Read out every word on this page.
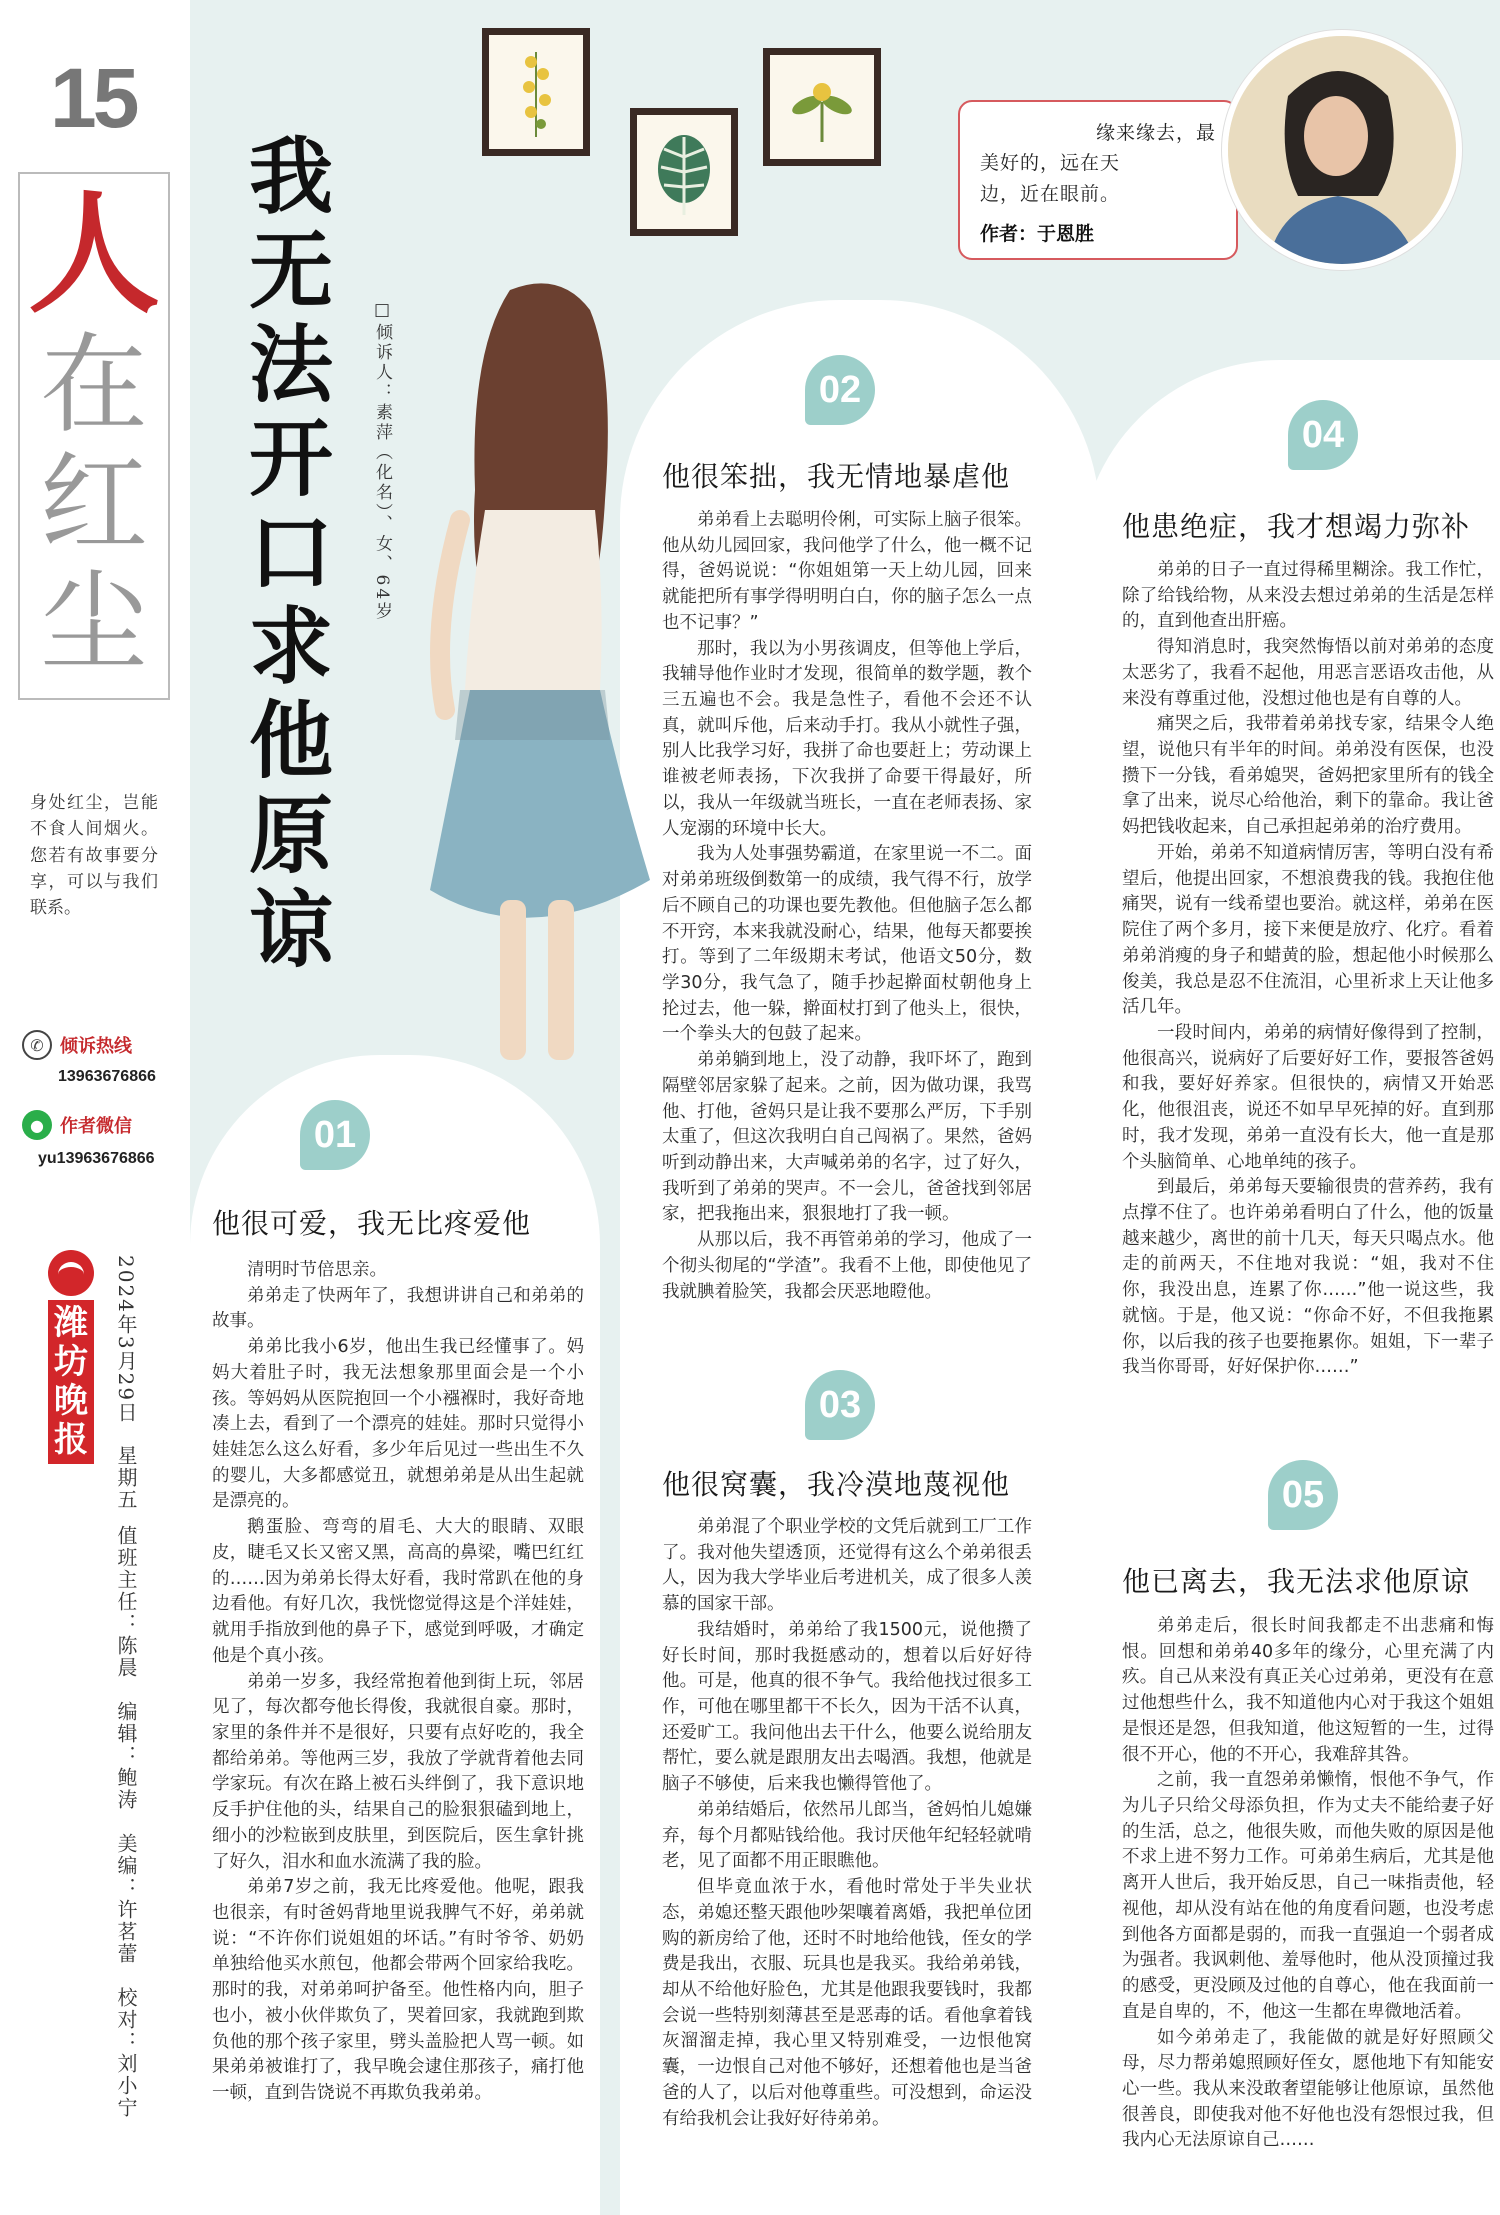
15
人
在
红
尘
身处红尘，岂能不食人间烟火。您若有故事要分享，可以与我们联系。
✆ 倾诉热线
13963676866
● 作者微信
yu13963676866
潍
坊
晚
报
2024年3月29日
星期五
值班主任：陈晨　编辑：鲍涛　美编：许茗蕾　校对：刘小宁
我
无
法
开
口
求
他
原
谅
□倾诉人：素萍（化名）、女、64岁
缘来缘去，最
美好的，远在天
边，近在眼前。
作者：于恩胜
01
他很可爱，我无比疼爱他

清明时节倍思亲。

弟弟走了快两年了，我想讲讲自己和弟弟的故事。

弟弟比我小6岁，他出生我已经懂事了。妈妈大着肚子时，我无法想象那里面会是一个小孩。等妈妈从医院抱回一个小襁褓时，我好奇地凑上去，看到了一个漂亮的娃娃。那时只觉得小娃娃怎么这么好看，多少年后见过一些出生不久的婴儿，大多都感觉丑，就想弟弟是从出生起就是漂亮的。

鹅蛋脸、弯弯的眉毛、大大的眼睛、双眼皮，睫毛又长又密又黑，高高的鼻梁，嘴巴红红的……因为弟弟长得太好看，我时常趴在他的身边看他。有好几次，我恍惚觉得这是个洋娃娃，就用手指放到他的鼻子下，感觉到呼吸，才确定他是个真小孩。

弟弟一岁多，我经常抱着他到街上玩，邻居见了，每次都夸他长得俊，我就很自豪。那时，家里的条件并不是很好，只要有点好吃的，我全都给弟弟。等他两三岁，我放了学就背着他去同学家玩。有次在路上被石头绊倒了，我下意识地反手护住他的头，结果自己的脸狠狠磕到地上，细小的沙粒嵌到皮肤里，到医院后，医生拿针挑了好久，泪水和血水流满了我的脸。

弟弟7岁之前，我无比疼爱他。他呢，跟我也很亲，有时爸妈背地里说我脾气不好，弟弟就说：“不许你们说姐姐的坏话。”有时爷爷、奶奶单独给他买水煎包，他都会带两个回家给我吃。那时的我，对弟弟呵护备至。他性格内向，胆子也小，被小伙伴欺负了，哭着回家，我就跑到欺负他的那个孩子家里，劈头盖脸把人骂一顿。如果弟弟被谁打了，我早晚会逮住那孩子，痛打他一顿，直到告饶说不再欺负我弟弟。

02
他很笨拙，我无情地暴虐他

弟弟看上去聪明伶俐，可实际上脑子很笨。他从幼儿园回家，我问他学了什么，他一概不记得，爸妈说说：“你姐姐第一天上幼儿园，回来就能把所有事学得明明白白，你的脑子怎么一点也不记事？”

那时，我以为小男孩调皮，但等他上学后，我辅导他作业时才发现，很简单的数学题，教个三五遍也不会。我是急性子，看他不会还不认真，就叫斥他，后来动手打。我从小就性子强，别人比我学习好，我拼了命也要赶上；劳动课上谁被老师表扬，下次我拼了命要干得最好，所以，我从一年级就当班长，一直在老师表扬、家人宠溺的环境中长大。

我为人处事强势霸道，在家里说一不二。面对弟弟班级倒数第一的成绩，我气得不行，放学后不顾自己的功课也要先教他。但他脑子怎么都不开窍，本来我就没耐心，结果，他每天都要挨打。等到了二年级期末考试，他语文50分，数学30分，我气急了，随手抄起擀面杖朝他身上抡过去，他一躲，擀面杖打到了他头上，很快，一个拳头大的包鼓了起来。

弟弟躺到地上，没了动静，我吓坏了，跑到隔壁邻居家躲了起来。之前，因为做功课，我骂他、打他，爸妈只是让我不要那么严厉，下手别太重了，但这次我明白自己闯祸了。果然，爸妈听到动静出来，大声喊弟弟的名字，过了好久，我听到了弟弟的哭声。不一会儿，爸爸找到邻居家，把我拖出来，狠狠地打了我一顿。

从那以后，我不再管弟弟的学习，他成了一个彻头彻尾的“学渣”。我看不上他，即使他见了我就腆着脸笑，我都会厌恶地瞪他。

03
他很窝囊，我冷漠地蔑视他

弟弟混了个职业学校的文凭后就到工厂工作了。我对他失望透顶，还觉得有这么个弟弟很丢人，因为我大学毕业后考进机关，成了很多人羡慕的国家干部。

我结婚时，弟弟给了我1500元，说他攒了好长时间，那时我挺感动的，想着以后好好待他。可是，他真的很不争气。我给他找过很多工作，可他在哪里都干不长久，因为干活不认真，还爱旷工。我问他出去干什么，他要么说给朋友帮忙，要么就是跟朋友出去喝酒。我想，他就是脑子不够使，后来我也懒得管他了。

弟弟结婚后，依然吊儿郎当，爸妈怕儿媳嫌弃，每个月都贴钱给他。我讨厌他年纪轻轻就啃老，见了面都不用正眼瞧他。

但毕竟血浓于水，看他时常处于半失业状态，弟媳还整天跟他吵架嚷着离婚，我把单位团购的新房给了他，还时不时地给他钱，侄女的学费是我出，衣服、玩具也是我买。我给弟弟钱，却从不给他好脸色，尤其是他跟我要钱时，我都会说一些特别刻薄甚至是恶毒的话。看他拿着钱灰溜溜走掉，我心里又特别难受，一边恨他窝囊，一边恨自己对他不够好，还想着他也是当爸爸的人了，以后对他尊重些。可没想到，命运没有给我机会让我好好待弟弟。

04
他患绝症，我才想竭力弥补

弟弟的日子一直过得稀里糊涂。我工作忙，除了给钱给物，从来没去想过弟弟的生活是怎样的，直到他查出肝癌。

得知消息时，我突然悔悟以前对弟弟的态度太恶劣了，我看不起他，用恶言恶语攻击他，从来没有尊重过他，没想过他也是有自尊的人。

痛哭之后，我带着弟弟找专家，结果令人绝望，说他只有半年的时间。弟弟没有医保，也没攒下一分钱，看弟媳哭，爸妈把家里所有的钱全拿了出来，说尽心给他治，剩下的靠命。我让爸妈把钱收起来，自己承担起弟弟的治疗费用。

开始，弟弟不知道病情厉害，等明白没有希望后，他提出回家，不想浪费我的钱。我抱住他痛哭，说有一线希望也要治。就这样，弟弟在医院住了两个多月，接下来便是放疗、化疗。看着弟弟消瘦的身子和蜡黄的脸，想起他小时候那么俊美，我总是忍不住流泪，心里祈求上天让他多活几年。

一段时间内，弟弟的病情好像得到了控制，他很高兴，说病好了后要好好工作，要报答爸妈和我，要好好养家。但很快的，病情又开始恶化，他很沮丧，说还不如早早死掉的好。直到那时，我才发现，弟弟一直没有长大，他一直是那个头脑简单、心地单纯的孩子。

到最后，弟弟每天要输很贵的营养药，我有点撑不住了。也许弟弟看明白了什么，他的饭量越来越少，离世的前十几天，每天只喝点水。他走的前两天，不住地对我说：“姐，我对不住你，我没出息，连累了你……”他一说这些，我就恼。于是，他又说：“你命不好，不但我拖累你，以后我的孩子也要拖累你。姐姐，下一辈子我当你哥哥，好好保护你……”

05
他已离去，我无法求他原谅

弟弟走后，很长时间我都走不出悲痛和悔恨。回想和弟弟40多年的缘分，心里充满了内疚。自己从来没有真正关心过弟弟，更没有在意过他想些什么，我不知道他内心对于我这个姐姐是恨还是怨，但我知道，他这短暂的一生，过得很不开心，他的不开心，我难辞其咎。

之前，我一直怨弟弟懒惰，恨他不争气，作为儿子只给父母添负担，作为丈夫不能给妻子好的生活，总之，他很失败，而他失败的原因是他不求上进不努力工作。可弟弟生病后，尤其是他离开人世后，我开始反思，自己一味指责他，轻视他，却从没有站在他的角度看问题，也没考虑到他各方面都是弱的，而我一直强迫一个弱者成为强者。我讽刺他、羞辱他时，他从没顶撞过我的感受，更没顾及过他的自尊心，他在我面前一直是自卑的，不，他这一生都在卑微地活着。

如今弟弟走了，我能做的就是好好照顾父母，尽力帮弟媳照顾好侄女，愿他地下有知能安心一些。我从来没敢奢望能够让他原谅，虽然他很善良，即使我对他不好他也没有怨恨过我，但我内心无法原谅自己……
